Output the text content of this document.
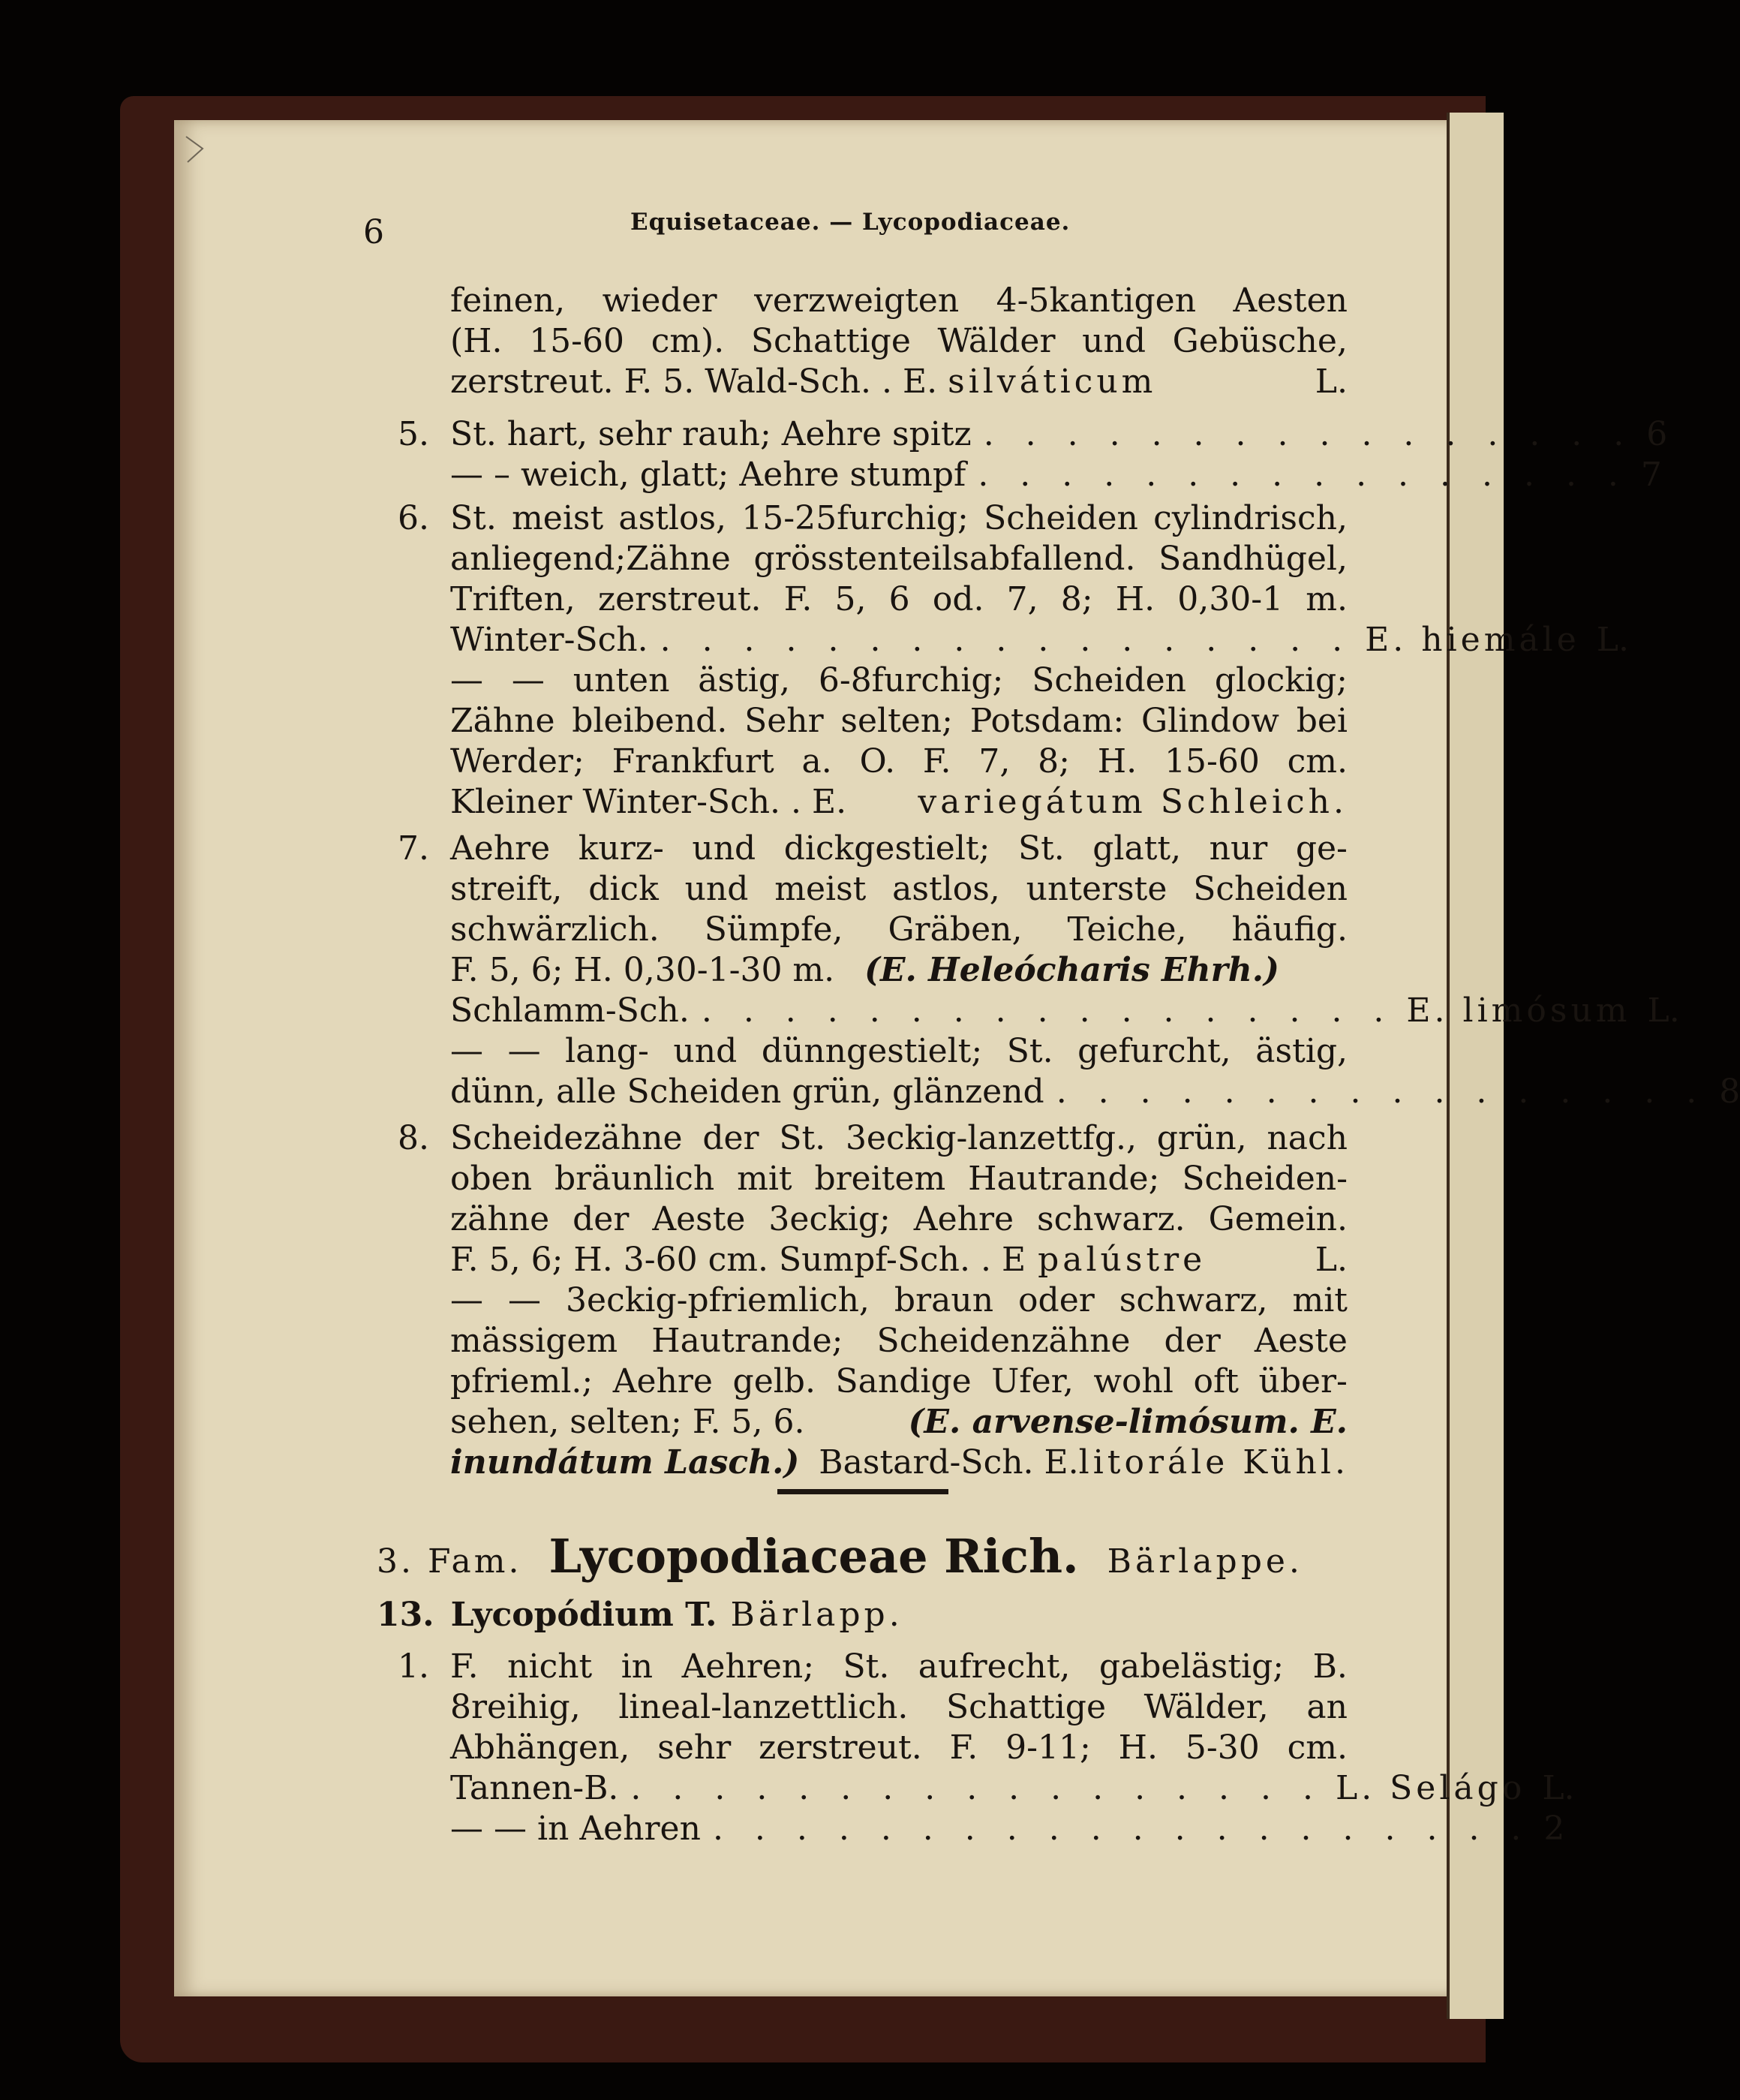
6	Equisetaceae. — Lycopodiaceae.
feinen, wieder verzweigten 4-5kantigen Aesten
(H. 15-60 cm). Schattige Wälder und Gebüsche,
zerstreut. F. 5. Wald-Sch. . E. silváticum	L.
5. St. hart, sehr rauh; Aehre spitz . . . . . . . . . . . . . . . . 6
— – weich, glatt; Aehre stumpf . . . . . . . . . . . . . . . . 7
6. St. meist astlos, 15-25furchig; Scheiden cylindrisch,
anliegend;Zähne grösstenteilsabfallend. Sandhügel,
Triften, zerstreut. F. 5, 6 od. 7, 8; H. 0,30-1 m.
Winter-Sch. . . . . . . . . . . . . . . . . . E. hiemále L.
— — unten ästig, 6-8furchig; Scheiden glockig;
Zähne bleibend. Sehr selten; Potsdam: Glindow bei
Werder; Frankfurt a. O. F. 7, 8; H. 15-60 cm.
Kleiner Winter-Sch. . E. variegátum Schleich.
7. Aehre kurz- und dickgestielt; St. glatt, nur ge-
streift, dick und meist astlos, unterste Scheiden
schwärzlich. Sümpfe, Gräben, Teiche, häufig.
F. 5, 6; H. 0,30-1-30 m. (E. Heleócharis Ehrh.)
Schlamm-Sch. . . . . . . . . . . . . . . . . . E. limósum L.
— — lang- und dünngestielt; St. gefurcht, ästig,
dünn, alle Scheiden grün, glänzend . . . . . . . . . . . . . . . . 8
8. Scheidezähne der St. 3eckig-lanzettfg., grün, nach
oben bräunlich mit breitem Hautrande; Scheiden-
zähne der Aeste 3eckig; Aehre schwarz. Gemein.
F. 5, 6; H. 3-60 cm. Sumpf-Sch. . E palústre	L.
— — 3eckig-pfriemlich, braun oder schwarz, mit
mässigem Hautrande; Scheidenzähne der Aeste
pfrieml.; Aehre gelb. Sandige Ufer, wohl oft über-
sehen, selten; F. 5, 6.	(E. arvense-limósum. E.
inundátum Lasch.) Bastard-Sch. E. litorále Kühl.
3. Fam. Lycopodiaceae Rich. Bärlappe.
13. Lycopódium T. Bärlapp.
1. F. nicht in Aehren; St. aufrecht, gabelästig; B.
8reihig, lineal-lanzettlich. Schattige Wälder, an
Abhängen, sehr zerstreut. F. 9-11; H. 5-30 cm.
Tannen-B. . . . . . . . . . . . . . . . . . L. Selágo L.
— — in Aehren . . . . . . . . . . . . . . . . . . . . 2
